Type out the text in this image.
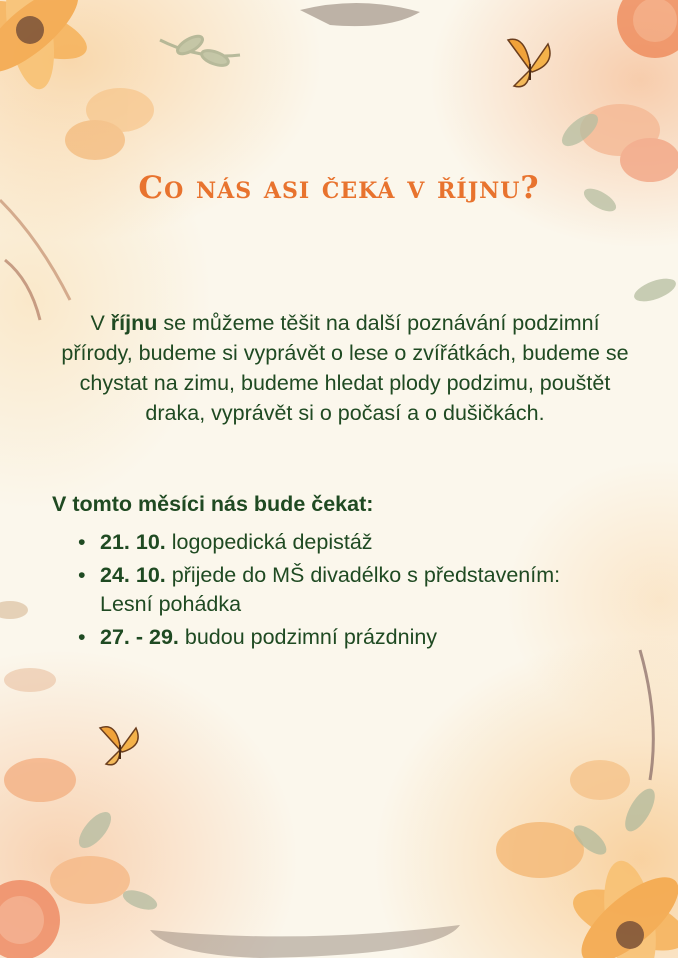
Co nás asi čeká v říjnu?

V říjnu se můžeme těšit na další poznávání podzimní přírody, budeme si vyprávět o lese o zvířátkách, budeme se chystat na zimu, budeme hledat plody podzimu, pouštět draka, vyprávět si o počasí a o dušičkách.

V tomto měsíci nás bude čekat:
• 21. 10. logopedická depistáž
• 24. 10. přijede do MŠ divadélko s představením: Lesní pohádka
• 27. - 29. budou podzimní prázdniny
